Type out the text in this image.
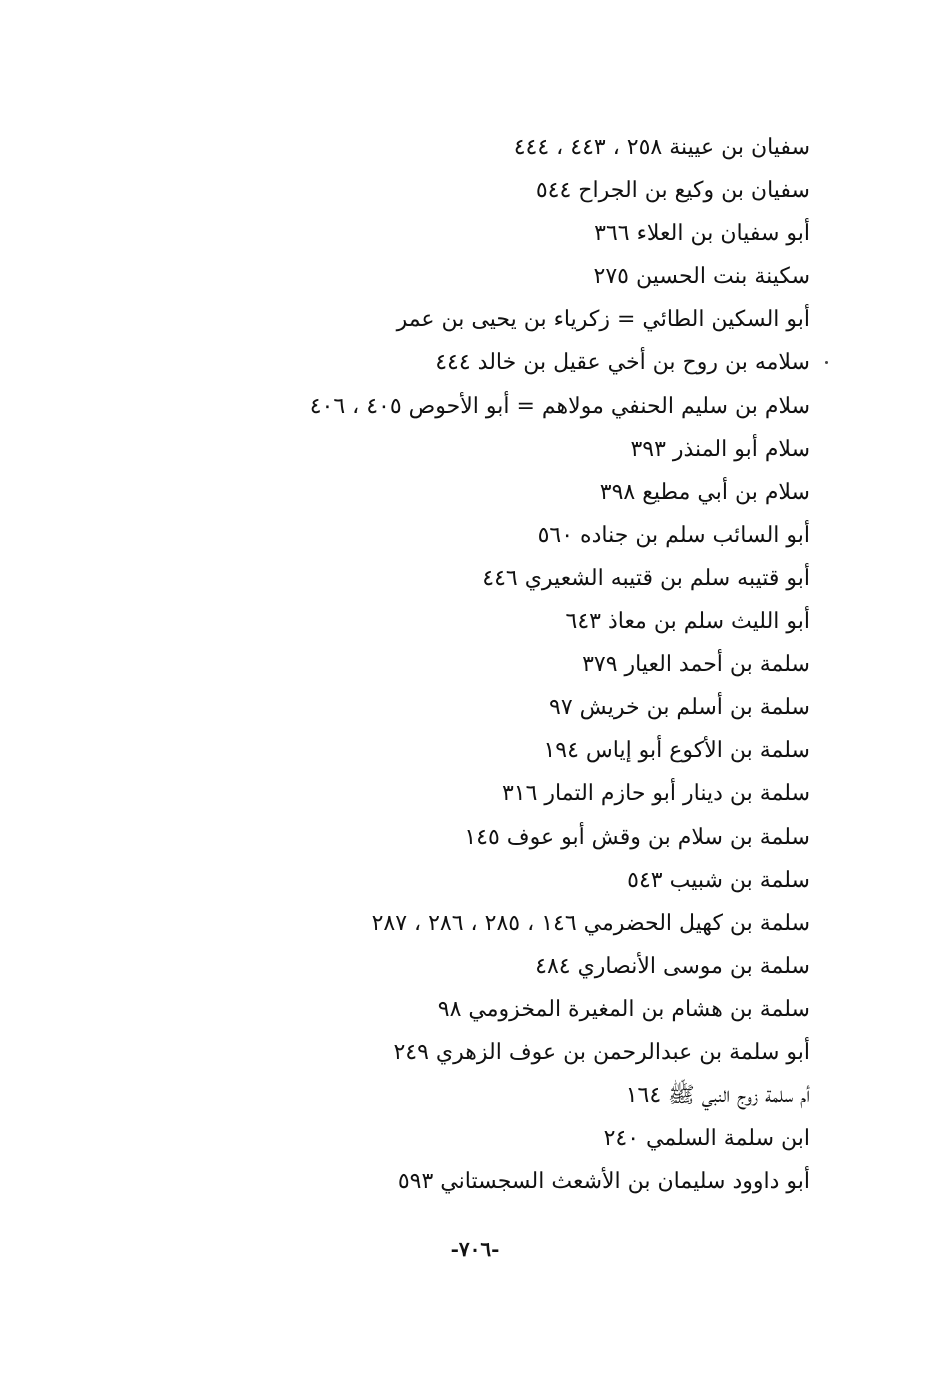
سفيان بن عيينة ٢٥٨ ، ٤٤٣ ، ٤٤٤
سفيان بن وكيع بن الجراح ٥٤٤
أبو سفيان بن العلاء ٣٦٦
سكينة بنت الحسين ٢٧٥
أبو السكين الطائي = زكرياء بن يحيى بن عمر
سلامه بن روح بن أخي عقيل بن خالد ٤٤٤
سلام بن سليم الحنفي مولاهم = أبو الأحوص ٤٠٥ ، ٤٠٦
سلام أبو المنذر ٣٩٣
سلام بن أبي مطيع ٣٩٨
أبو السائب سلم بن جناده ٥٦٠
أبو قتيبه سلم بن قتيبه الشعيري ٤٤٦
أبو الليث سلم بن معاذ ٦٤٣
سلمة بن أحمد العيار ٣٧٩
سلمة بن أسلم بن خريش ٩٧
سلمة بن الأكوع أبو إياس ١٩٤
سلمة بن دينار أبو حازم التمار ٣١٦
سلمة بن سلام بن وقش أبو عوف ١٤٥
سلمة بن شبيب ٥٤٣
سلمة بن كهيل الحضرمي ١٤٦ ، ٢٨٥ ، ٢٨٦ ، ٢٨٧
سلمة بن موسى الأنصاري ٤٨٤
سلمة بن هشام بن المغيرة المخزومي ٩٨
أبو سلمة بن عبدالرحمن بن عوف الزهري ٢٤٩
أم سلمة زوج النبي ﷺ ١٦٤
ابن سلمة السلمي ٢٤٠
أبو داوود سليمان بن الأشعث السجستاني ٥٩٣
-٧٠٦-
